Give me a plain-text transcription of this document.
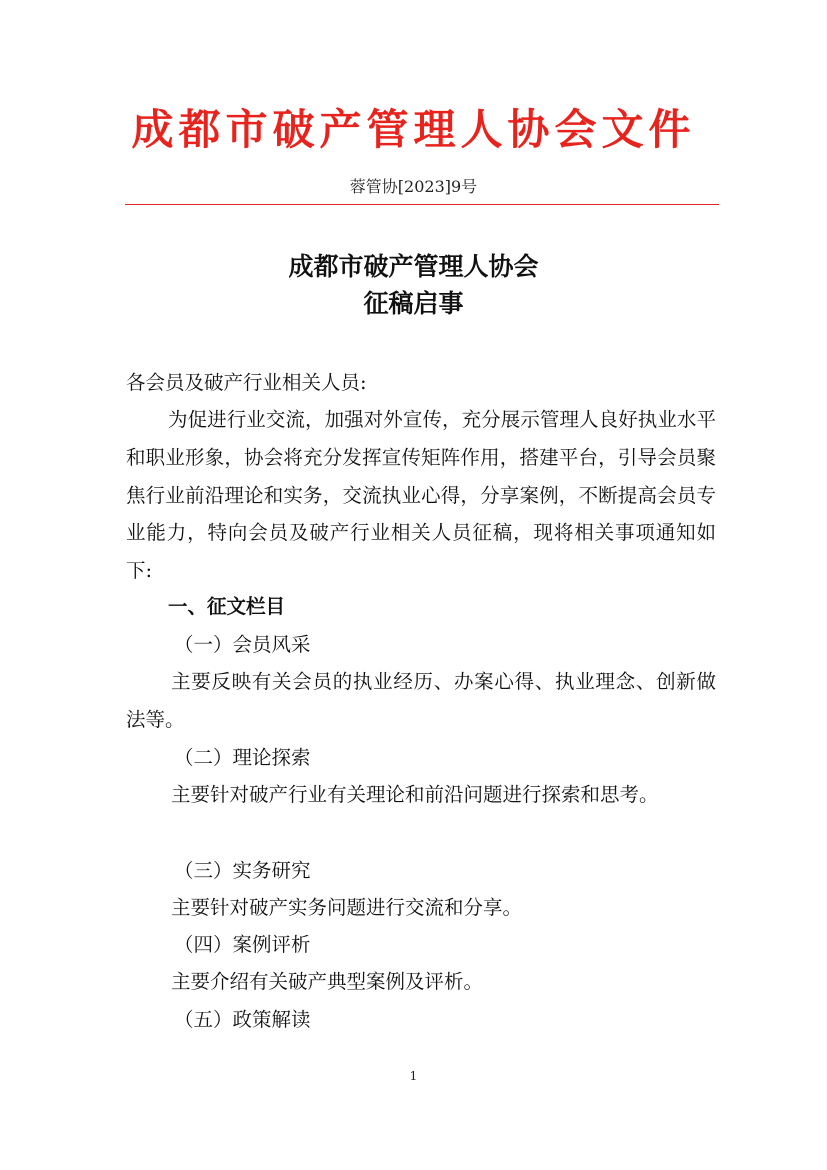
成都市破产管理人协会文件
蓉管协[2023]9号
成都市破产管理人协会
征稿启事

各会员及破产行业相关人员:

为促进行业交流，加强对外宣传，充分展示管理人良好执业水平和职业形象，协会将充分发挥宣传矩阵作用，搭建平台，引导会员聚焦行业前沿理论和实务，交流执业心得，分享案例，不断提高会员专业能力，特向会员及破产行业相关人员征稿，现将相关事项通知如下:

一、征文栏目

（一）会员风采

主要反映有关会员的执业经历、办案心得、执业理念、创新做法等。

（二）理论探索

主要针对破产行业有关理论和前沿问题进行探索和思考。

（三）实务研究

主要针对破产实务问题进行交流和分享。

（四）案例评析

主要介绍有关破产典型案例及评析。

（五）政策解读

1
